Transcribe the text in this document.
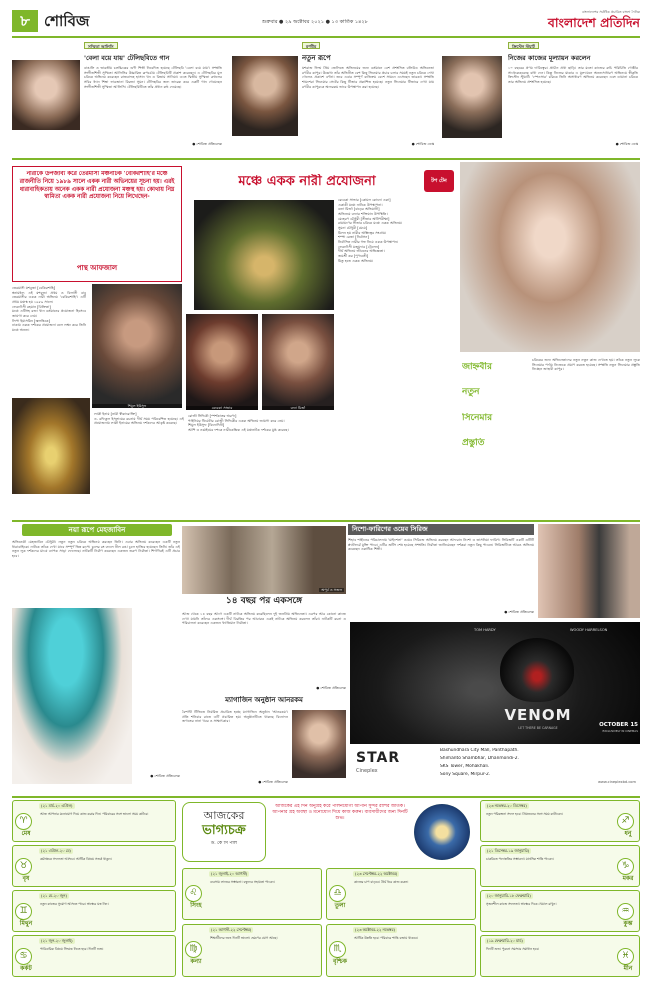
৮ শোবিজ	শুক্রবার ● ২৯ অক্টোবর ২০২১ ● ১৩ কার্তিক ১৪২৮
বাংলাদেশের সর্বাধিক প্রচারিত বাংলা দৈনিক
বাংলাদেশ প্রতিদিন
সুস্মিতা আলিসি
'বেলা বয়ে যায়' টেলিছবিতে গান
বাঙালি ও ভারতীয় চলচ্চিত্রের গুণী শিল্পী নিবেদিত হয়েছে টেলিছবি 'বেলা বয়ে যায়'। সম্প্রতি সংগীতশিল্পী সুস্মিতা আলিসির উচ্চারিত রূপচর্চায় টেলিছবিটি প্রকাশ করেছেন। এ টেলিছবির মূল চরিত্রে অভিনয় করেছেন রাজবাদ্দহ হাসান খন ও রিভাম সানিয়া। এতে দ্বিতীয় সুস্মিতা রুহুলের সবির ধ্যান শিল্পা ফারজানা মিরজা সুমন। টেলিছবির জন্য তারেক করে একটি গান গেয়েছেন সংগীতশিল্পী সুস্মিতা আলিসি। টেলিছবিটিতে তাঁর প্রধান কন্ঠ দেয়েছে।
● শোবিজ প্রতিবেদক
রণবীর
নতুন রূপে
যশরাজ ফিল্ম প্রিয় জেলিতে অভিনয়ের জন্য বর্তমানে বেশ প্রশংসিত বলিউড অভিনেতা রণবীর কাপুর। উল্লেখ্য তাঁর অভিনীত বেশ কিছু সিনেমার প্রচার চলার সময়ই নতুন চরিত্রে দেখা গেলেও প্রকাশে বর্ণনা। তবে এবার সম্পূর্ণ ব্যতিক্রম বেশে সামনে এসেছেন তারকা। সম্প্রতি শামশেরা সিনেমার সেটের কিছু টিজার প্রকাশিত হয়েছে। নতুন সিনেমার টিজারে দেখা যায় রণবীর কাপুরকে অন্যরকম ভাবে উপস্থাপন করা হয়েছে।
● শোবিজ ডেস্ক
ক্রিস্টেন স্টুয়ার্ট
নিজের কাজের মূল্যায়ন করলেন
১০ বছরের প্রণয় দায়িত্বের। প্রাচীন প্রথা ছাড়ি। তার মতো কাজের রুচি পরিচিতি গোষ্ঠীর সাথেকেকরেছে বাধা দেন। কিন্তু নিজের যাত্রার এ মূল্যায়নে অনন্যসাধারণ অভিনয়ে স্বীকৃতি ক্রিস্টেন স্টুয়ার্ট। 'স্পেনসার' চরিত্রে তিনি অসাধারণ অভিনয় করেছেন এবং ডায়ানা চরিত্রে তার অভিনয় প্রশংসিত হয়েছে।
● শোবিজ ডেস্ক
নারীকে উপজীব্য করে তেরমাসী মঞ্চনাটক 'বেকিরশাহি'র মঞ্চে রাজনীতি নিয়ে ১৯৮৯ সালে একক নারী অভিনয়ের সূচনা হয়। এরই ধারাবাহিকতায় অনেক একক নারী প্রযোজনা মঞ্চস্থ হয়। কোথায় নিম্ন স্বামিতা একক নারী প্রযোজনা নিয়ে লিখেছেন-
পান্থ আফজাল
মঞ্চে একক নারী প্রযোজনা	টপ টেন
রেবেকা সাভার [কোমল কোনো একা]
একাকী মঞ্চে নাটকে উপস্থাপনা।
বন্যা মির্জা [ঝড়ের অভিমানী]
অভিনয়ে বন্যার শক্তিমান উপস্থিতি।
মেহেরণ চৌধুরী [সীতার অগ্নিপরীক্ষা]
রামায়ণের সীতার চরিত্রে মঞ্চে একক অভিনয়।
সুমনা চৌধুরী [মেয়ে]
মিলন হয় নারীর অস্তিত্বের সংগ্রাম।
শম্পা রেজা [নির্বাসন]
নির্বাসিত নারীর গল্প নিয়ে একক উপস্থাপন।
ফেরদৌসী মজুমদার [ট্রেলেন]
দীর্ঘ অভিনয় জীবনের অভিজ্ঞতা।
জয়শ্রী কর [পুণ্যবতী]
মিতু হতে একক অভিনয়।
তেরমাসী যশবুজা [বেকিরশাহি]
স্বনামধন্য এই যশবুজা প্রথম ও বিলাসী বাবু তেরমাসীর একক নারী অভিনয় 'বেকিরশাহি'। এটি প্রথম মঞ্চস্থ হয় ১৯৮৯ সালে।
ফেরদৌসী রহমান [বিক্রিতা]
মঞ্চে এটিসহ রজা খান বর্তমানের প্রযোজনা হিসেবে জায়গা করে নেয়।
লিপা ইয়াসমিন [জ্বলন্তিকে]
ঢাকায় একক দর্শকের প্রযোজনা বলে লক্ষ্য করে তিনি মঞ্চে অনন্য।
শিমুল ইউসুফ	রেবেকা সাভার	বন্যা মির্জা
লাকী ইনাম [নারী স্বীকারোক্তি]
ড. রফিকুল ইসলামের রচনায় দীর্ঘ সময় পরিবেশিত হয়েছে। এই প্রযোজনায় লাকী ইনামের অভিনয় দর্শকদের আকৃষ্ট করেছে।
রোজী সিদ্দিকী [স্পর্শকাতর অরণ্য]
পাইনিয়র থিয়েটার রোজী সিদ্দিকীর একক অভিনয় জায়গা করে নেয়।
শিমুল ইউসুফ [বিনোদিনী]
আশি ও নব্বইয়ের দশকে নারীকেন্দ্রিক এই মঞ্চনাটক দর্শকের মুগ্ধ করেছে।
চরিত্রের জন্য অভিনেতাদের নতুন নতুন কাজ দেখতে হয়। তাঁকে নতুন লুকে সিনেমার পর্দায় নিজেকে প্রমাণ করতে হয়েছে। সম্প্রতি নতুন সিনেমার প্রস্তুতি নিচ্ছেন জাহ্নবী কাপুর।
জাহ্নবীর
নতুন
সিনেমার
প্রস্তুতি
নয়া রূপে মেহজাবিন
অভিনেত্রী মেহজাবিন চৌধুরী। নতুন নতুন চরিত্রে অভিনয় করছেন তিনি। এবার অভিনয় করেছেন একটি নতুন ধারাবাহিকে। নাটকে তাঁকে দেখা যাবে সম্পূর্ণ ভিন্ন রূপে। চুলের রং বদলে নীল রঙা চুলে হাজির হয়েছেন তিনি। তাঁর এই নতুন লুক দর্শকদের মাঝে ব্যাপক সাড়া ফেলেছে। নাটকটি নির্মাণ করেছেন একজন তরুণ নির্মাতা। শিগগিরই এটি প্রচার হবে।
● শোবিজ প্রতিবেদক
অপূর্ব ও সজল
১৪ বছর পর একসঙ্গে
আজ থেকে ১৪ বছর আগে একটি নাটকে অভিনয় করেছিলেন দুই জনপ্রিয় অভিনেতা। এরপর আর কোনো কাজে দেখা যায়নি তাঁদের একসঙ্গে। দীর্ঘ বিরতির পর আবারও একই নাটকে অভিনয় করলেন তাঁরা। নাটকটি রচনা ও পরিচালনা করেছেন একজন খ্যাতিমান নির্মাতা।
● শোবিজ প্রতিবেদক
ম্যাগাজিন অনুষ্ঠান আনরকম
বৈশাখী টিভিতে নিয়মিত প্রচারিত হচ্ছে ম্যাগাজিন অনুষ্ঠান 'আনরকম'। প্রতি শনিবার রাতে এটি প্রচারিত হয়। অনুষ্ঠানটিতে থাকছে বিনোদন জগতের নানা খবর ও সাক্ষাৎকার।
● শোবিজ প্রতিবেদক
নিশো-ফারিণের ওয়েব সিরিজ
শিহাব শাহীনের পরিচালনায় 'মাইশেলা' ওয়েব সিরিজে অভিনয় করছেন আফরান নিশো ও তাসনিয়া ফারিণ। সিরিজটি একটি ওটিটি প্ল্যাটফর্মে মুক্তি পাবে। এটির শুটিং শেষ হয়েছে সম্প্রতি। নির্মাতা জানিয়েছেন দর্শকরা নতুন কিছু পাবেন। সিরিজটিতে আরও অভিনয় করেছেন একাধিক শিল্পী।
● শোবিজ প্রতিবেদক
TOM HARDY	WOODY HARRELSON
VENOM
LET THERE BE CARNAGE	OCTOBER 15
EXCLUSIVELY IN CINEMAS
STAR
Cineplex
Bashundhara City Mall, Panthapath.
Shimanto Shambhar, Dhanmondi-2.
SKS Tower, Mohakhali.
Sony Square, Mirpur-2.
www.cineplexbd.com
♈
মেষ
(২১ মার্চ-২০ এপ্রিল)
আজ আপনার মনোযোগ দিয়ে কাজ করার দিন। পরিবারের সঙ্গে ভালো সময় কাটবে।
♉
বৃষ
(২১ এপ্রিল-২০ মে)
কর্মক্ষেত্রে সফলতা আসবে। আর্থিক বিষয়ে সতর্ক থাকুন।
♊
মিথুন
(২১ মে-২০ জুন)
নতুন কাজের সুযোগ আসতে পারে। স্বাস্থ্যের যত্ন নিন।
♋
কর্কট
(২১ জুন-২০ জুলাই)
পারিবারিক বিষয়ে সিদ্ধান্ত নিতে হবে। দিনটি শুভ।
আজকের
ভাগ্যচক্র
ড. কে সি পাল
আজকের এই দিন অনুগ্রহ করে পালনযোগ্য আপনি সুন্দর রাশির জাতক। আপনার গ্রহ অবস্থা ও মনোযোগ দিয়ে কাজ করুন। ব্যবসায়ীদের জন্য দিনটি শুভ।
♌
সিংহ
(২১ জুলাই-২০ আগস্ট)
ব্যবসায় লাভের সম্ভাবনা। বন্ধুদের সহায়তা পাবেন।
♍
কন্যা
(২১ আগস্ট-২২ সেপ্টেম্বর)
শিক্ষার্থীদের জন্য দিনটি ভালো। ভ্রমণের যোগ আছে।
♎
তুলা
(২৩ সেপ্টেম্বর-২২ অক্টোবর)
কাজের চাপ বাড়বে। ধৈর্য ধরে কাজ করুন।
♏
বৃশ্চিক
(২৩ অক্টোবর-২২ নভেম্বর)
আর্থিক উন্নতি হবে। পরিবারে শান্তি বজায় থাকবে।
♐
ধনু
(২৩ নভেম্বর-২০ ডিসেম্বর)
নতুন পরিকল্পনা সফল হবে। প্রিয়জনের সঙ্গে সময় কাটাবেন।
♑
মকর
(২১ ডিসেম্বর-১৯ জানুয়ারি)
চাকরিতে পদোন্নতির সম্ভাবনা। মানসিক শান্তি পাবেন।
♒
কুম্ভ
(২০ জানুয়ারি-১৮ ফেব্রুয়ারি)
সৃজনশীল কাজে সফলতা। স্বাস্থ্যের দিকে খেয়াল রাখুন।
♓
মীন
(১৯ ফেব্রুয়ারি-২০ মার্চ)
দিনটি শুভ। পুরনো সমস্যার সমাধান হবে।
